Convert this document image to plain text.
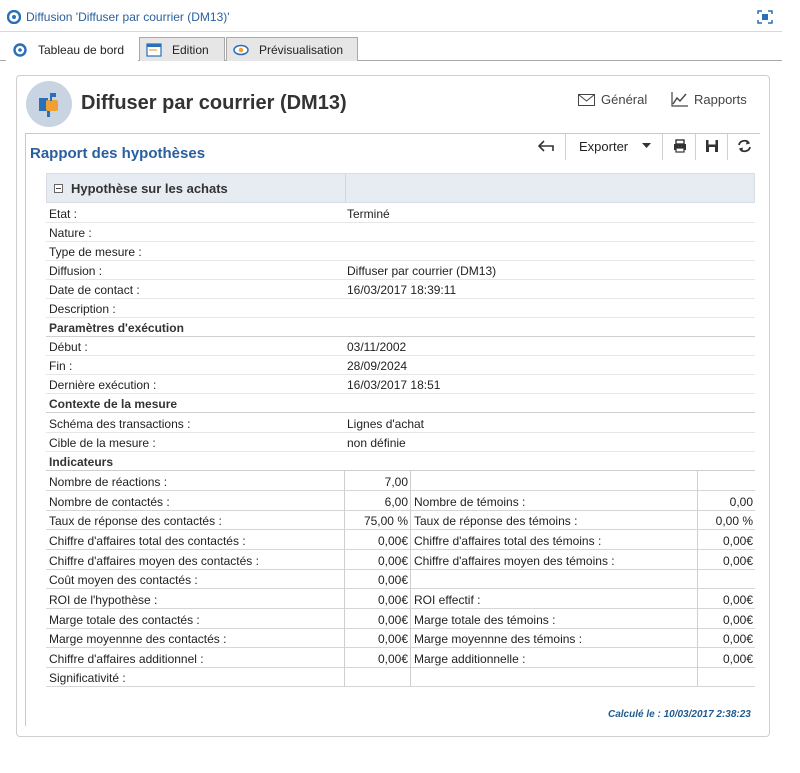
Diffusion 'Diffuser par courrier (DM13)'
Tableau de bord	Edition	Prévisualisation
Diffuser par courrier (DM13)	Général	Rapports
Rapport des hypothèses	Exporter
Hypothèse sur les achats
Etat :	Terminé
Nature :
Type de mesure :
Diffusion :	Diffuser par courrier (DM13)
Date de contact :	16/03/2017 18:39:11
Description :
Paramètres d'exécution
Début :	03/11/2002
Fin :	28/09/2024
Dernière exécution :	16/03/2017 18:51
Contexte de la mesure
Schéma des transactions :	Lignes d'achat
Cible de la mesure :	non définie
Indicateurs
Nombre de réactions :	7,00
Nombre de contactés :	6,00 Nombre de témoins :	0,00
Taux de réponse des contactés :	75,00 % Taux de réponse des témoins :	0,00 %
Chiffre d'affaires total des contactés :	0,00€ Chiffre d'affaires total des témoins :	0,00€
Chiffre d'affaires moyen des contactés :	0,00€ Chiffre d'affaires moyen des témoins :	0,00€
Coût moyen des contactés :	0,00€
ROI de l'hypothèse :	0,00€ ROI effectif :	0,00€
Marge totale des contactés :	0,00€ Marge totale des témoins :	0,00€
Marge moyennne des contactés :	0,00€ Marge moyennne des témoins :	0,00€
Chiffre d'affaires additionnel :	0,00€ Marge additionnelle :	0,00€
Significativité :
Calculé le : 10/03/2017 2:38:23
